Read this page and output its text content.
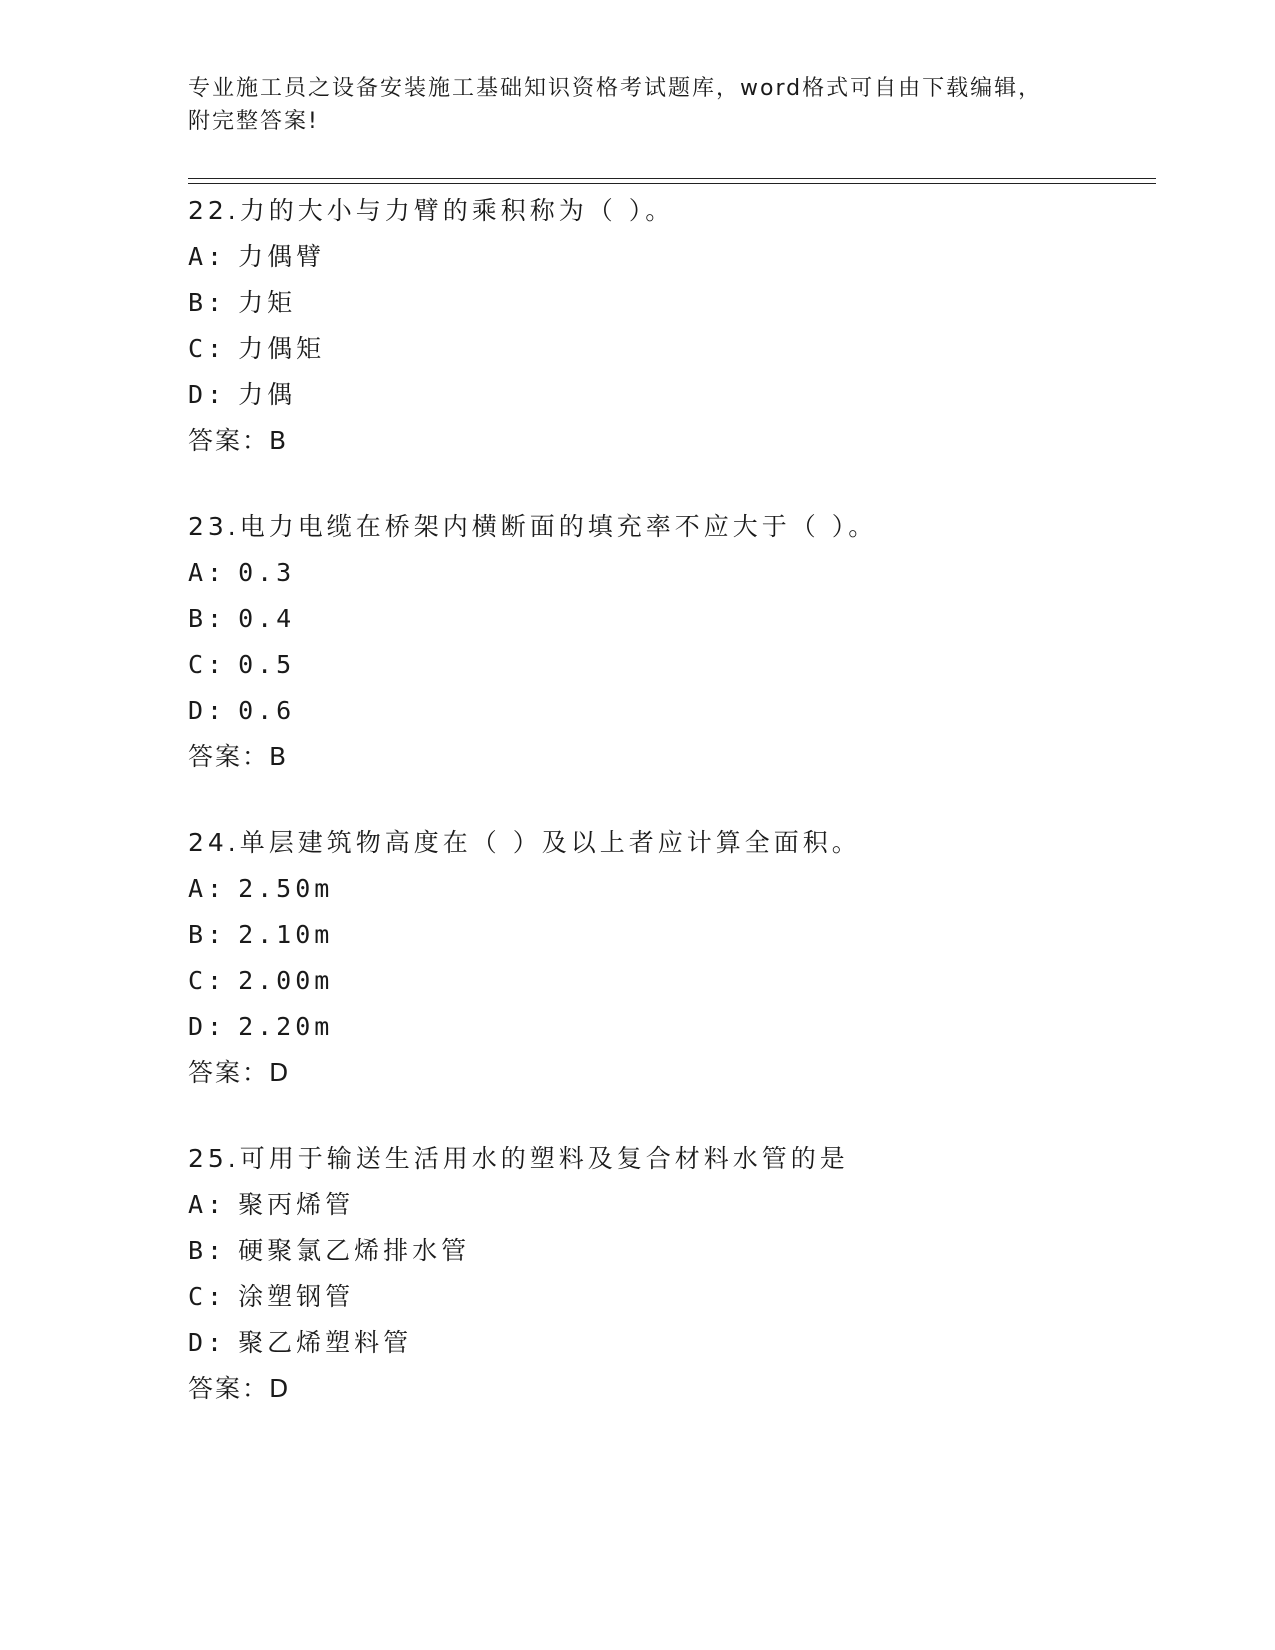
专业施工员之设备安装施工基础知识资格考试题库，word格式可自由下载编辑，
附完整答案!
22.力的大小与力臂的乘积称为（ ）。
A: 力偶臂
B: 力矩
C: 力偶矩
D: 力偶
答案：B
23.电力电缆在桥架内横断面的填充率不应大于（ ）。
A: 0.3
B: 0.4
C: 0.5
D: 0.6
答案：B
24.单层建筑物高度在（ ）及以上者应计算全面积。
A: 2.50m
B: 2.10m
C: 2.00m
D: 2.20m
答案：D
25.可用于输送生活用水的塑料及复合材料水管的是
A: 聚丙烯管
B: 硬聚氯乙烯排水管
C: 涂塑钢管
D: 聚乙烯塑料管
答案：D
